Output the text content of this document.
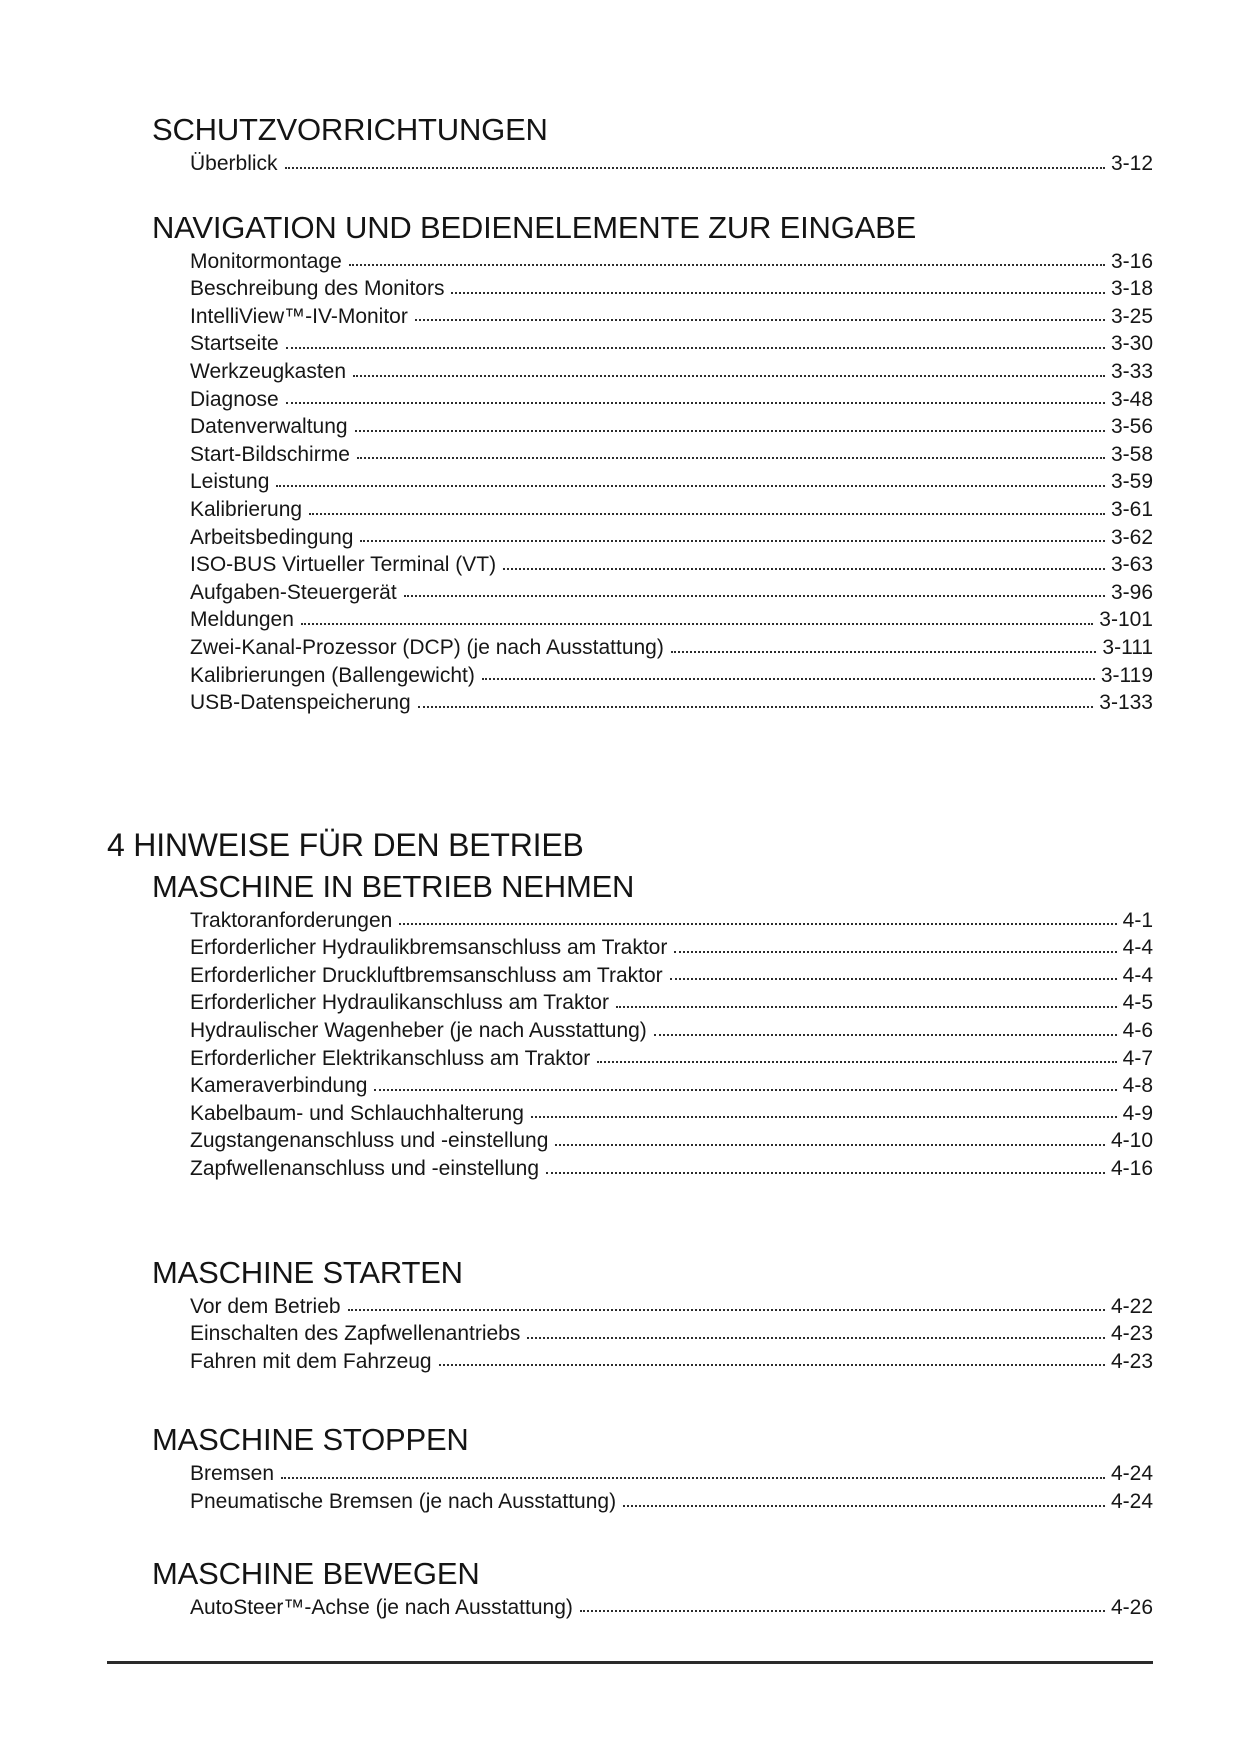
SCHUTZVORRICHTUNGEN
Überblick	3-12
NAVIGATION UND BEDIENELEMENTE ZUR EINGABE
Monitormontage	3-16
Beschreibung des Monitors	3-18
IntelliView™-IV-Monitor	3-25
Startseite	3-30
Werkzeugkasten	3-33
Diagnose	3-48
Datenverwaltung	3-56
Start-Bildschirme	3-58
Leistung	3-59
Kalibrierung	3-61
Arbeitsbedingung	3-62
ISO-BUS Virtueller Terminal (VT)	3-63
Aufgaben-Steuergerät	3-96
Meldungen	3-101
Zwei-Kanal-Prozessor (DCP) (je nach Ausstattung)	3-111
Kalibrierungen (Ballengewicht)	3-119
USB-Datenspeicherung	3-133
4 HINWEISE FÜR DEN BETRIEB
MASCHINE IN BETRIEB NEHMEN
Traktoranforderungen	4-1
Erforderlicher Hydraulikbremsanschluss am Traktor	4-4
Erforderlicher Druckluftbremsanschluss am Traktor	4-4
Erforderlicher Hydraulikanschluss am Traktor	4-5
Hydraulischer Wagenheber (je nach Ausstattung)	4-6
Erforderlicher Elektrikanschluss am Traktor	4-7
Kameraverbindung	4-8
Kabelbaum- und Schlauchhalterung	4-9
Zugstangenanschluss und -einstellung	4-10
Zapfwellenanschluss und -einstellung	4-16
MASCHINE STARTEN
Vor dem Betrieb	4-22
Einschalten des Zapfwellenantriebs	4-23
Fahren mit dem Fahrzeug	4-23
MASCHINE STOPPEN
Bremsen	4-24
Pneumatische Bremsen (je nach Ausstattung)	4-24
MASCHINE BEWEGEN
AutoSteer™-Achse (je nach Ausstattung)	4-26
